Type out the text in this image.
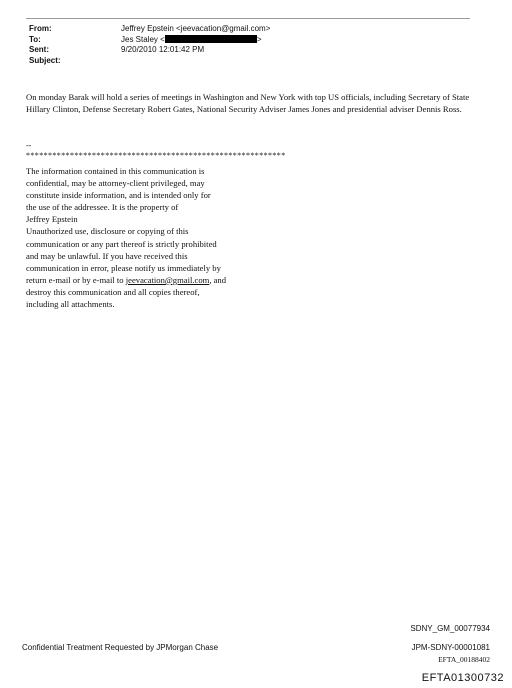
From:	Jeffrey Epstein <jeevacation@gmail.com>
To:	Jes Staley <	>
Sent:	9/20/2010 12:01:42 PM
Subject:
On monday Barak will hold a series of meetings in Washington and New York with top US officials, including Secretary of State Hillary Clinton, Defense Secretary Robert Gates, National Security Adviser James Jones and presidential adviser Dennis Ross.
--
***********************************************************
The information contained in this communication is
confidential, may be attorney-client privileged, may
constitute inside information, and is intended only for
the use of the addressee. It is the property of
Jeffrey Epstein
Unauthorized use, disclosure or copying of this
communication or any part thereof is strictly prohibited
and may be unlawful. If you have received this
communication in error, please notify us immediately by
return e-mail or by e-mail to jeevacation@gmail.com, and
destroy this communication and all copies thereof,
including all attachments.
SDNY_GM_00077934
Confidential Treatment Requested by JPMorgan Chase	JPM-SDNY-00001081
EFTA_00188402
EFTA01300732
